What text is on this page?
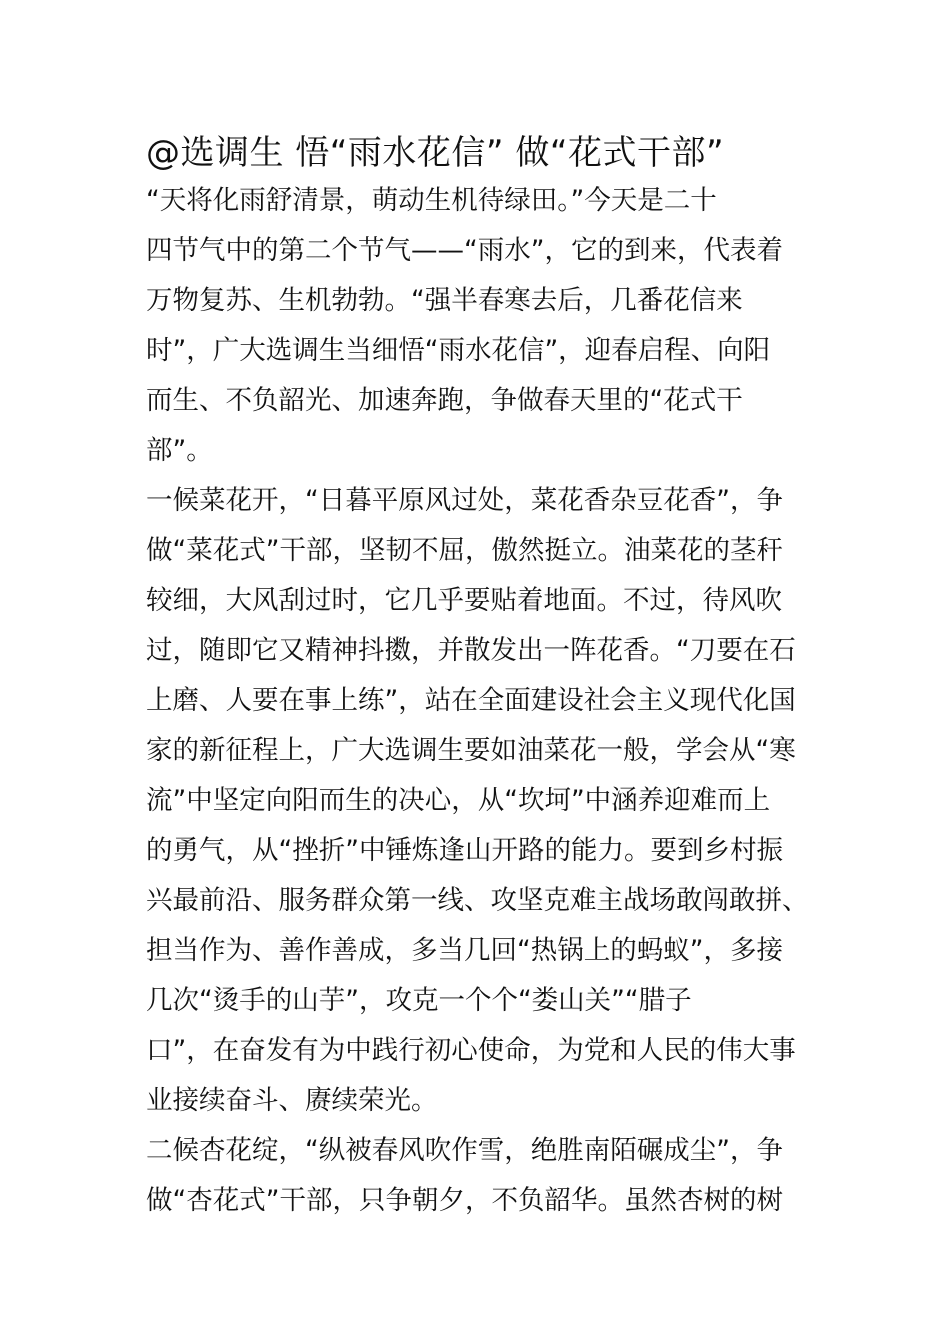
@选调生 悟“雨水花信” 做“花式干部”

“天将化雨舒清景，萌动生机待绿田。”今天是二十

四节气中的第二个节气——“雨水”，它的到来，代表着

万物复苏、生机勃勃。“强半春寒去后，几番花信来

时”，广大选调生当细悟“雨水花信”，迎春启程、向阳

而生、不负韶光、加速奔跑，争做春天里的“花式干

部”。

一候菜花开，“日暮平原风过处，菜花香杂豆花香”，争

做“菜花式”干部，坚韧不屈，傲然挺立。油菜花的茎秆

较细，大风刮过时，它几乎要贴着地面。不过，待风吹

过，随即它又精神抖擞，并散发出一阵花香。“刀要在石

上磨、人要在事上练”，站在全面建设社会主义现代化国

家的新征程上，广大选调生要如油菜花一般，学会从“寒

流”中坚定向阳而生的决心，从“坎坷”中涵养迎难而上

的勇气，从“挫折”中锤炼逢山开路的能力。要到乡村振

兴最前沿、服务群众第一线、攻坚克难主战场敢闯敢拼、

担当作为、善作善成，多当几回“热锅上的蚂蚁”，多接

几次“烫手的山芋”，攻克一个个“娄山关”“腊子

口”，在奋发有为中践行初心使命，为党和人民的伟大事

业接续奋斗、赓续荣光。

二候杏花绽，“纵被春风吹作雪，绝胜南陌碾成尘”，争

做“杏花式”干部，只争朝夕，不负韶华。虽然杏树的树
